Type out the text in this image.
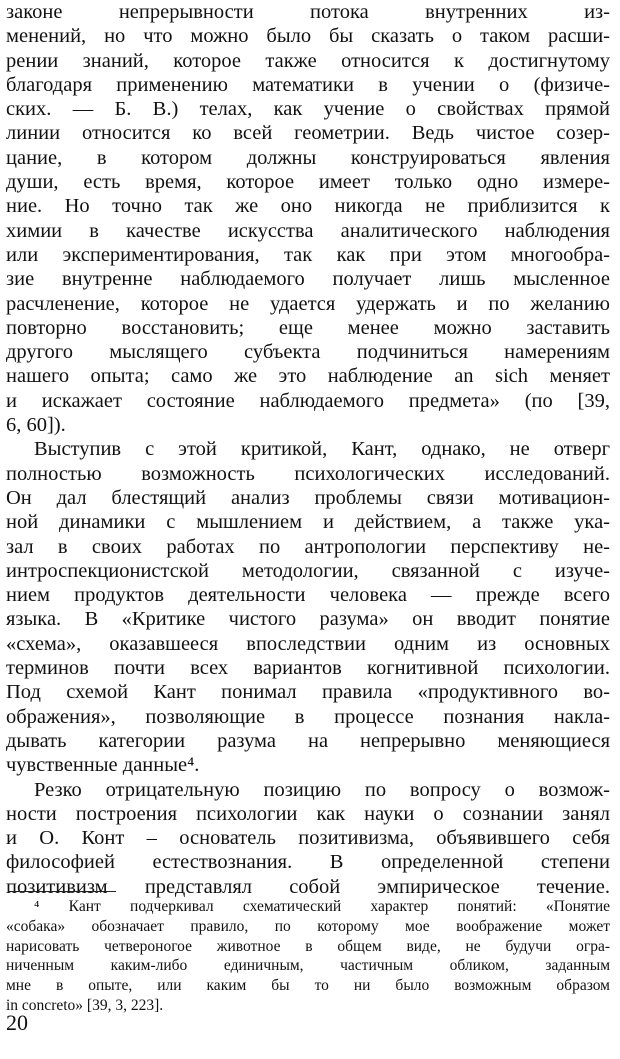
законе непрерывности потока внутренних из-
менений, но что можно было бы сказать о таком расши-
рении знаний, которое также относится к достигнутому
благодаря применению математики в учении о (физиче-
ских. — Б. В.) телах, как учение о свойствах прямой
линии относится ко всей геометрии. Ведь чистое созер-
цание, в котором должны конструироваться явления
души, есть время, которое имеет только одно измере-
ние. Но точно так же оно никогда не приблизится к
химии в качестве искусства аналитического наблюдения
или экспериментирования, так как при этом многообра-
зие внутренне наблюдаемого получает лишь мысленное
расчленение, которое не удается удержать и по желанию
повторно восстановить; еще менее можно заставить
другого мыслящего субъекта подчиниться намерениям
нашего опыта; само же это наблюдение an sich меняет
и искажает состояние наблюдаемого предмета» (по [39,
6, 60]).
Выступив с этой критикой, Кант, однако, не отверг
полностью возможность психологических исследований.
Он дал блестящий анализ проблемы связи мотивацион-
ной динамики с мышлением и действием, а также ука-
зал в своих работах по антропологии перспективу не-
интроспекционистской методологии, связанной с изуче-
нием продуктов деятельности человека — прежде всего
языка. В «Критике чистого разума» он вводит понятие
«схема», оказавшееся впоследствии одним из основных
терминов почти всех вариантов когнитивной психологии.
Под схемой Кант понимал правила «продуктивного во-
ображения», позволяющие в процессе познания накла-
дывать категории разума на непрерывно меняющиеся
чувственные данные⁴.
Резко отрицательную позицию по вопросу о возмож-
ности построения психологии как науки о сознании занял
и О. Конт – основатель позитивизма, объявившего себя
философией естествознания. В определенной степени
позитивизм представлял собой эмпирическое течение.
⁴ Кант подчеркивал схематический характер понятий: «Понятие
«собака» обозначает правило, по которому мое воображение может
нарисовать четвероногое животное в общем виде, не будучи огра-
ниченным каким-либо единичным, частичным обликом, заданным
мне в опыте, или каким бы то ни было возможным образом
in concreto» [39, 3, 223].
20
